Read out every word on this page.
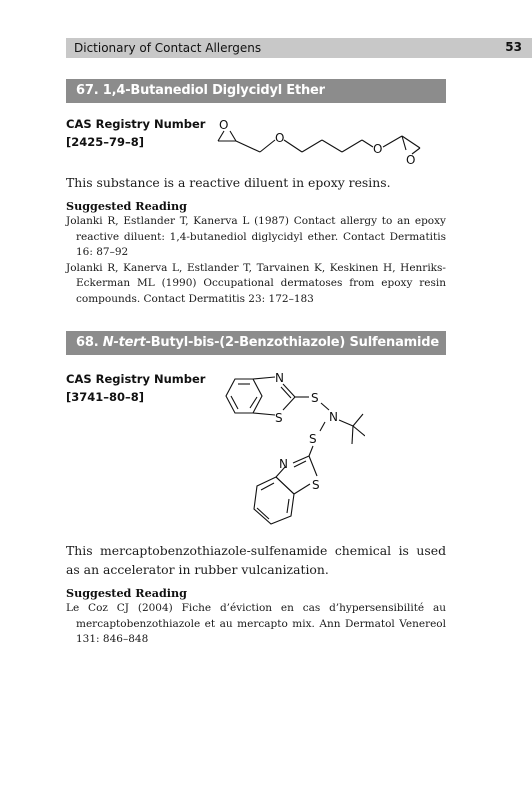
Dictionary of Contact Allergens	53
67. 1,4-Butanediol Diglycidyl Ether
CAS Registry Number
[2425–79–8]
O
O
O
O
This substance is a reactive diluent in epoxy resins.
Suggested Reading
Jolanki R, Estlander T, Kanerva L (1987) Contact allergy to an epoxy reactive diluent: 1,4-butanediol diglycidyl ether. Contact Dermatitis 16: 87–92
Jolanki R, Kanerva L, Estlander T, Tarvainen K, Keskinen H, Henriks-Eckerman ML (1990) Occupational dermatoses from epoxy resin compounds. Contact Dermatitis 23: 172–183
68. N-tert-Butyl-bis-(2-Benzothiazole) Sulfenamide
CAS Registry Number
[3741–80–8]
N
S
S
N
S
N
S
This mercaptobenzothiazole-sulfenamide chemical is used as an accelerator in rubber vulcanization.
Suggested Reading
Le Coz CJ (2004) Fiche d’éviction en cas d’hypersensibilité au mercaptobenzothiazole et au mercapto mix. Ann Dermatol Venereol 131: 846–848
